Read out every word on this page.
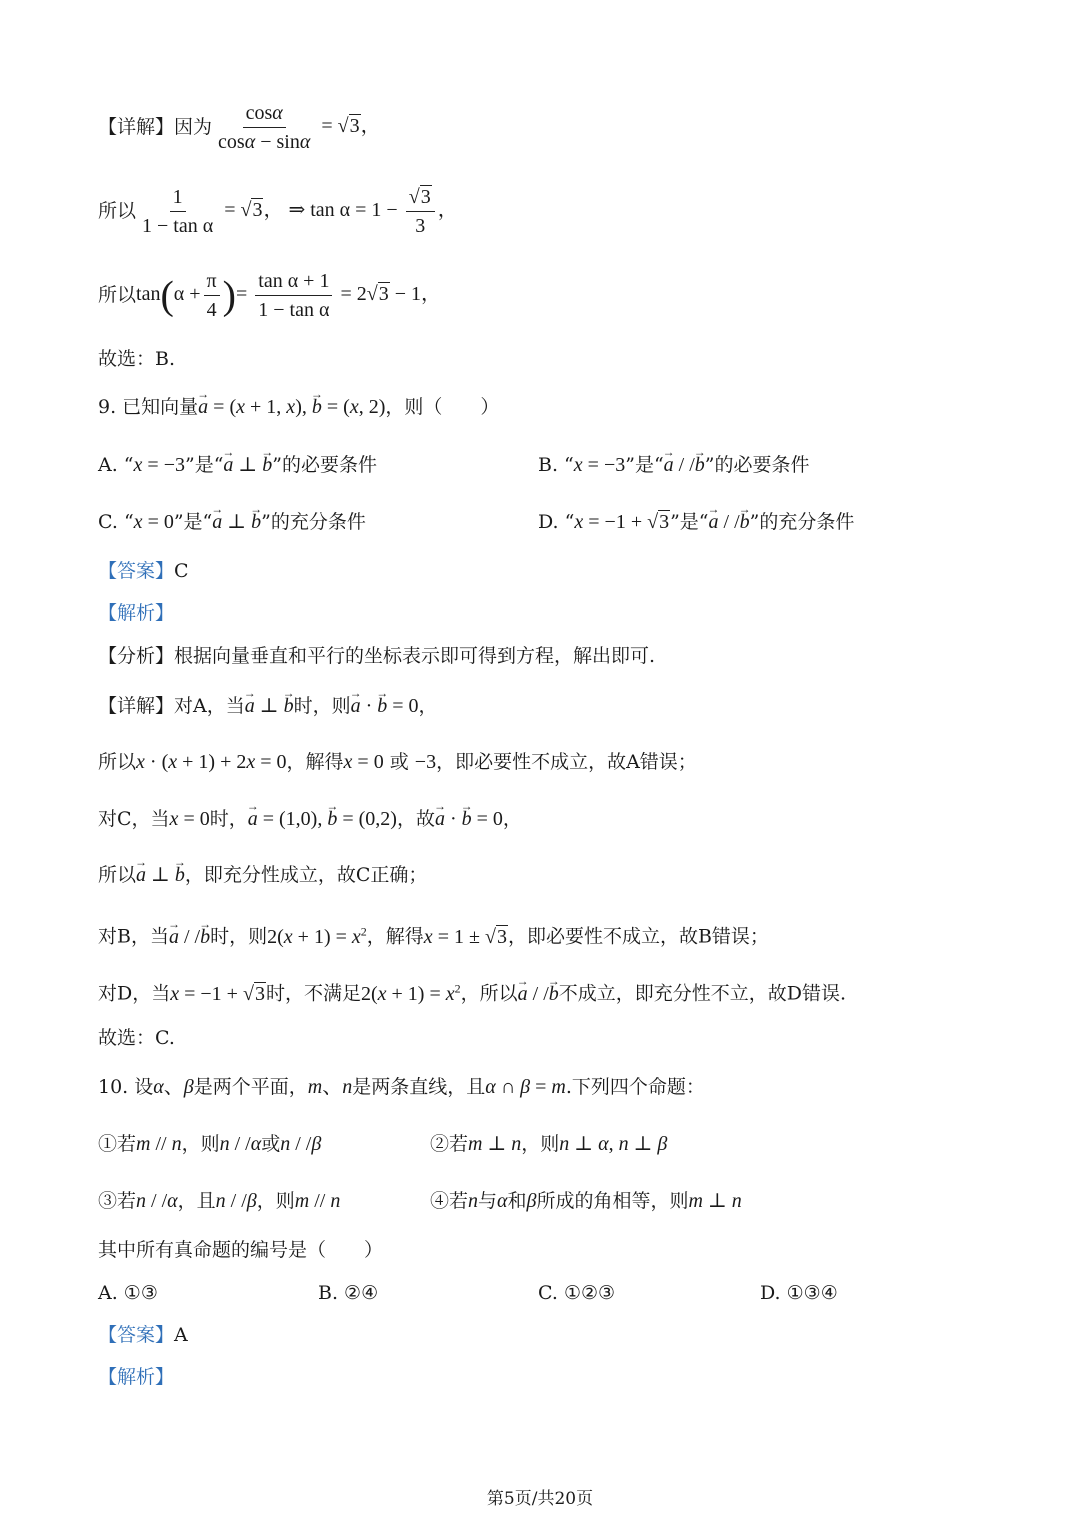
【详解】 因为 $\frac{\cos\alpha}{\cos\alpha - \sin\alpha} = √3$，
所以 $\frac{1}{\text{1 − tan α}} = √3$， ⇒ $\tan \alpha = 1 - \frac{√3}{3}$ ，
所以 $\tan(\alpha + \frac{\pi}{4}$ )= $\frac{\text{tan α + 1}}{\text{1 − tan α}} = 2√3 - 1$，
故选：B.
9. 已知向量→ a = (x + 1, x), → b = (x, 2)，则（　　）
A. “x = −3”是“→ a ⊥ → b”的必要条件	B. “x = −3”是“→ a / /→ b”的必要条件
C. “x = 0”是“→ a ⊥ → b”的充分条件	D. “x = −1 + √3”是“→ a / /→ b”的充分条件
【答案】C
【解析】
【分析】根据向量垂直和平行的坐标表示即可得到方程，解出即可.
【详解】对A，当→ a ⊥ → b时，则→ a · → b = 0，
所以x · (x + 1) + 2x = 0，解得x = 0 或 −3，即必要性不成立，故A错误；
对C，当x = 0时，→ a = (1,0), → b = (0,2)，故→ a · → b = 0，
所以→ a ⊥ → b，即充分性成立，故C正确；
对B，当→ a / /→ b时，则$2(x + 1) = x^2$，解得x = 1 ± √3，即必要性不成立，故B错误；
对D，当x = −1 + √3时，不满足$2(x + 1) = x^2$，所以→ a / /→ b不成立，即充分性不立，故D错误.
故选：C.
10. 设α、β是两个平面，m、n是两条直线，且α ∩ β = m.下列四个命题：
①若m // n，则n / /α或n / /β	②若m ⊥ n，则n ⊥ α, n ⊥ β
③若n / /α，且n / /β，则m // n	④若n与α和β所成的角相等，则m ⊥ n
其中所有真命题的编号是（　　）
A. ①③	B. ②④	C. ①②③	D. ①③④
【答案】A
【解析】
第5页/共20页
